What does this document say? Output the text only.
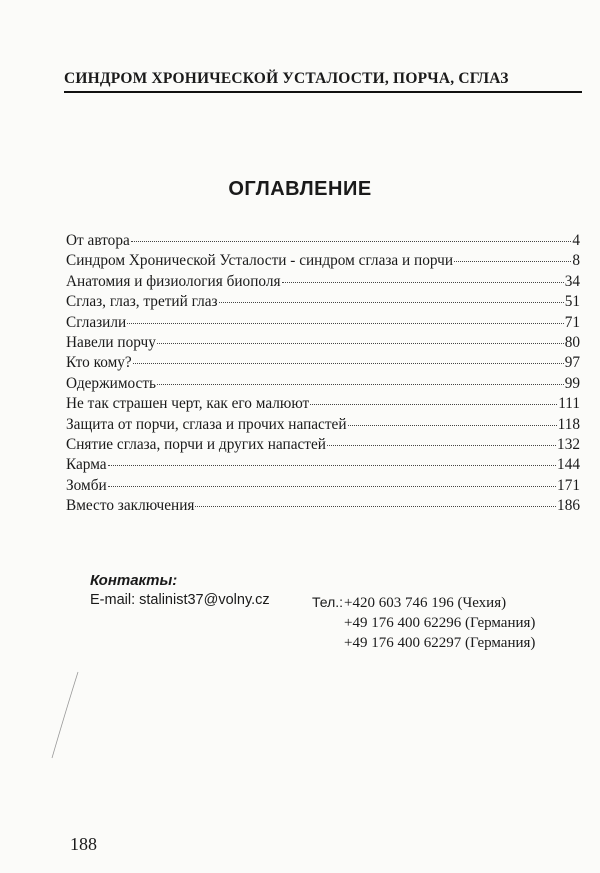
СИНДРОМ ХРОНИЧЕСКОЙ УСТАЛОСТИ, ПОРЧА, СГЛАЗ
ОГЛАВЛЕНИЕ
От автора	4
Синдром Хронической Усталости - синдром сглаза и порчи	8
Анатомия и физиология биополя	34
Сглаз, глаз, третий глаз	51
Сглазили	71
Навели порчу	80
Кто кому?	97
Одержимость	99
Не так страшен черт, как его малюют	111
Защита от порчи, сглаза и прочих напастей	118
Снятие сглаза, порчи и других напастей	132
Карма	144
Зомби	171
Вместо заключения	186
Контакты:
E-mail: stalinist37@volny.cz	Тел.:+420 603 746 196 (Чехия)
+49 176 400 62296 (Германия)
+49 176 400 62297 (Германия)
188
